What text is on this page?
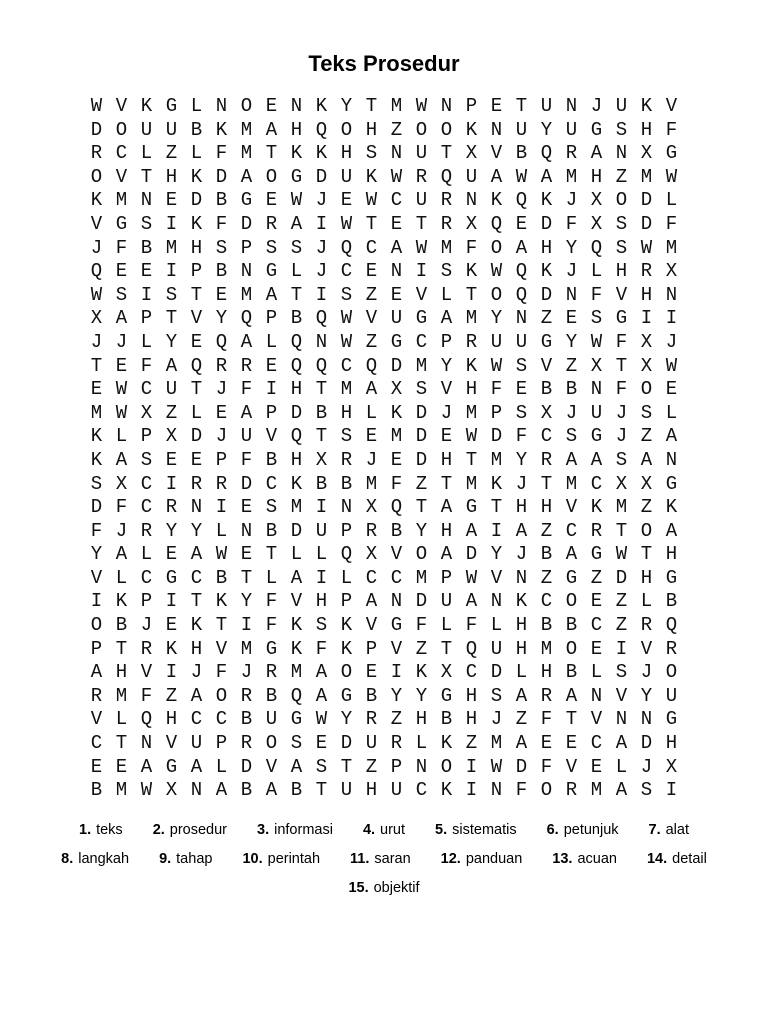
Teks Prosedur
W V K G L N O E N K Y T M W N P E T U N J U K V
D O U U B K M A H Q O H Z O O K N U Y U G S H F
R C L Z L F M T K K H S N U T X V B Q R A N X G
O V T H K D A O G D U K W R Q U A W A M H Z M W
K M N E D B G E W J E W C U R N K Q K J X O D L
V G S I K F D R A I W T E T R X Q E D F X S D F
J F B M H S P S S J Q C A W M F O A H Y Q S W M
Q E E I P B N G L J C E N I S K W Q K J L H R X
W S I S T E M A T I S Z E V L T O Q D N F V H N
X A P T V Y Q P B Q W V U G A M Y N Z E S G I I
J J L Y E Q A L Q N W Z G C P R U U G Y W F X J
T E F A Q R R E Q Q C Q D M Y K W S V Z X T X W
E W C U T J F I H T M A X S V H F E B B N F O E
M W X Z L E A P D B H L K D J M P S X J U J S L
K L P X D J U V Q T S E M D E W D F C S G J Z A
K A S E E P F B H X R J E D H T M Y R A A S A N
S X C I R R D C K B B M F Z T M K J T M C X X G
D F C R N I E S M I N X Q T A G T H H V K M Z K
F J R Y Y L N B D U P R B Y H A I A Z C R T O A
Y A L E A W E T L L Q X V O A D Y J B A G W T H
V L C G C B T L A I L C C M P W V N Z G Z D H G
I K P I T K Y F V H P A N D U A N K C O E Z L B
O B J E K T I F K S K V G F L F L H B B C Z R Q
P T R K H V M G K F K P V Z T Q U H M O E I V R
A H V I J F J R M A O E I K X C D L H B L S J O
R M F Z A O R B Q A G B Y Y G H S A R A N V Y U
V L Q H C C B U G W Y R Z H B H J Z F T V N N G
C T N V U P R O S E D U R L K Z M A E E C A D H
E E A G A L D V A S T Z P N O I W D F V E L J X
B M W X N A B A B T U H U C K I N F O R M A S I
1. teks 2. prosedur 3. informasi 4. urut 5. sistematis 6. petunjuk 7. alat
8. langkah 9. tahap 10. perintah 11. saran 12. panduan 13. acuan 14. detail
15. objektif
